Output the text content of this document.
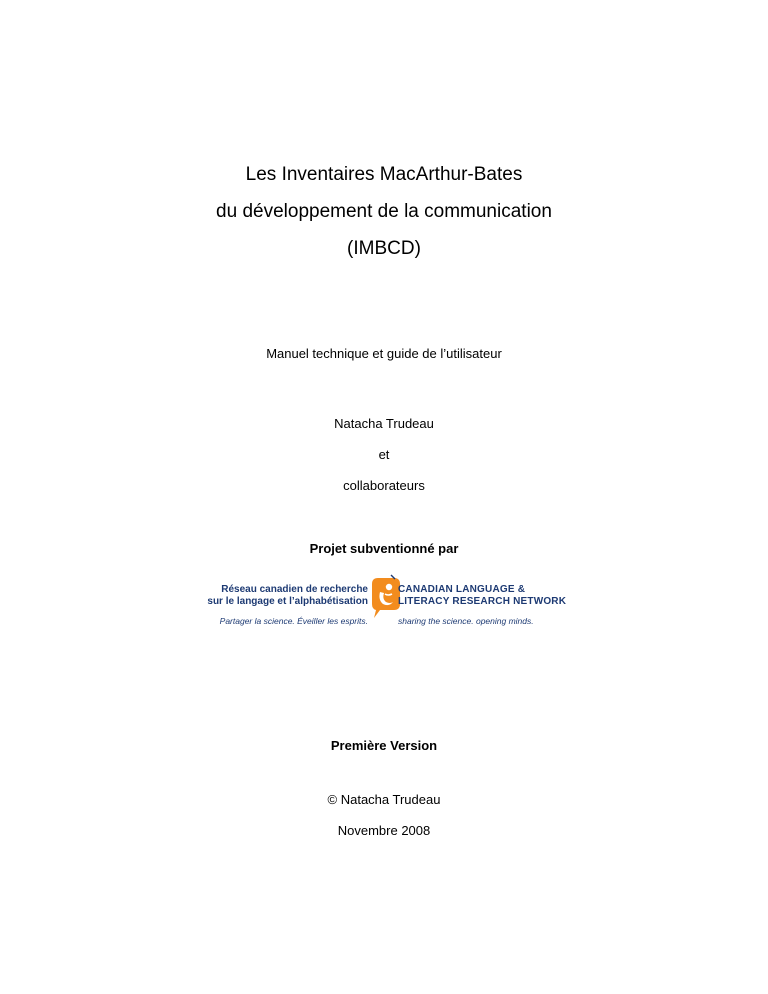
Les Inventaires MacArthur-Bates
du développement de la communication
(IMBCD)
Manuel technique et guide de l’utilisateur
Natacha Trudeau
et
collaborateurs
Projet subventionné par
Réseau canadien de recherche
sur le langage et l’alphabétisation
Partager la science. Éveiller les esprits.
CANADIAN LANGUAGE &
LITERACY RESEARCH NETWORK
sharing the science. opening minds.
Première Version
© Natacha Trudeau
Novembre 2008
